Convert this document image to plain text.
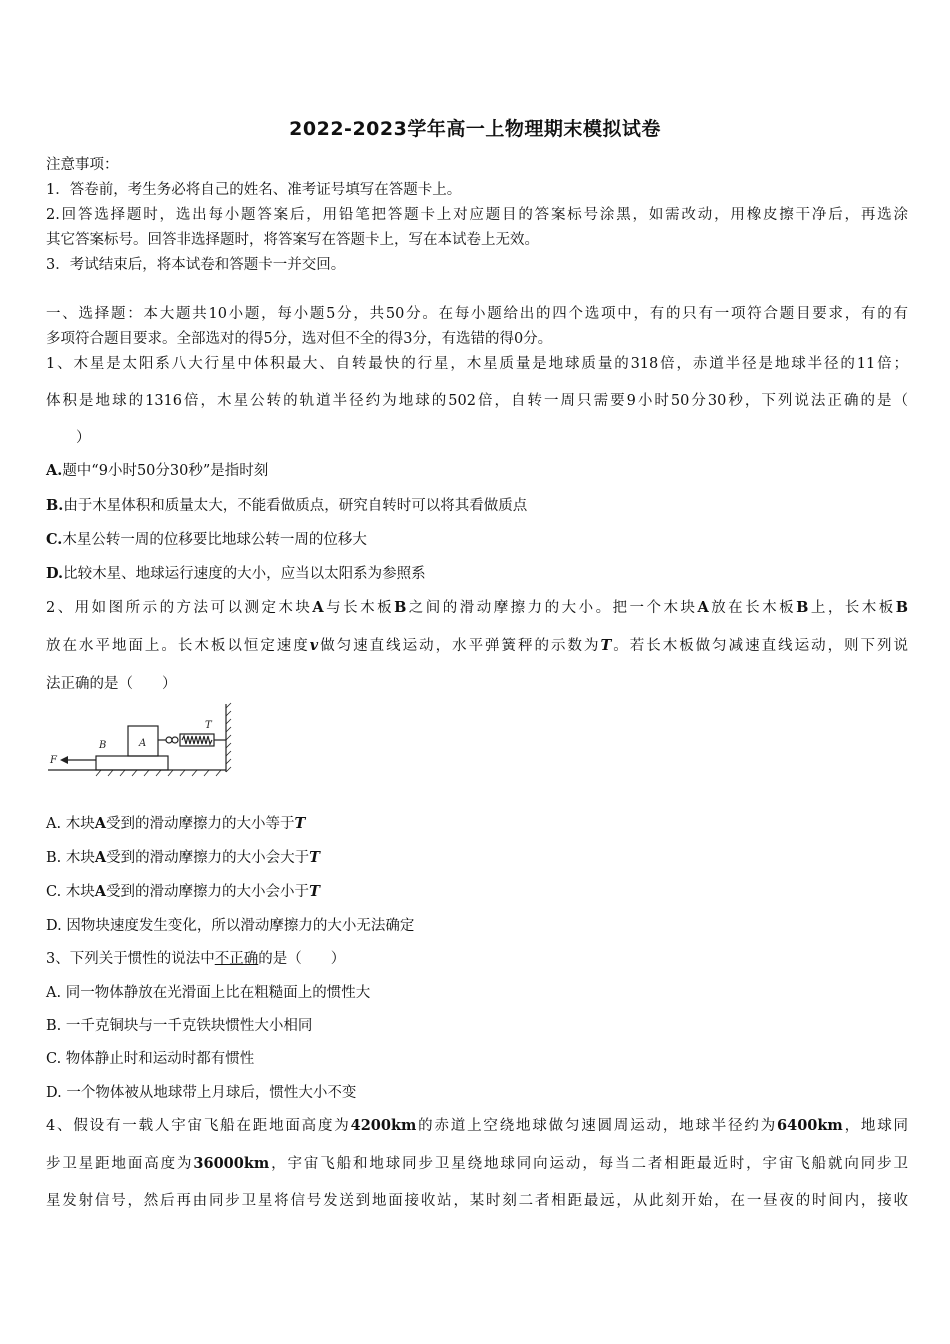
2022-2023学年高一上物理期末模拟试卷
注意事项：
1．答卷前，考生务必将自己的姓名、准考证号填写在答题卡上。
2.回答选择题时，选出每小题答案后，用铅笔把答题卡上对应题目的答案标号涂黑，如需改动，用橡皮擦干净后，再选涂
其它答案标号。回答非选择题时，将答案写在答题卡上，写在本试卷上无效。
3．考试结束后，将本试卷和答题卡一并交回。
一、选择题：本大题共10小题，每小题5分，共50分。在每小题给出的四个选项中，有的只有一项符合题目要求，有的有
多项符合题目要求。全部选对的得5分，选对但不全的得3分，有选错的得0分。
1、木星是太阳系八大行星中体积最大、自转最快的行星，木星质量是地球质量的318倍，赤道半径是地球半径的11倍；
体积是地球的1316倍，木星公转的轨道半径约为地球的502倍，自转一周只需要9小时50分30秒，下列说法正确的是（
）
A.题中“9小时50分30秒”是指时刻
B.由于木星体积和质量太大，不能看做质点，研究自转时可以将其看做质点
C.木星公转一周的位移要比地球公转一周的位移大
D.比较木星、地球运行速度的大小，应当以太阳系为参照系
2、用如图所示的方法可以测定木块A与长木板B之间的滑动摩擦力的大小。把一个木块A放在长木板B上，长木板B
放在水平地面上。长木板以恒定速度v做匀速直线运动，水平弹簧秤的示数为T。若长木板做匀减速直线运动，则下列说
法正确的是（　　）
T
A
B
F
A. 木块A受到的滑动摩擦力的大小等于T
B. 木块A受到的滑动摩擦力的大小会大于T
C. 木块A受到的滑动摩擦力的大小会小于T
D. 因物块速度发生变化，所以滑动摩擦力的大小无法确定
3、下列关于惯性的说法中不正确的是（　　）
A. 同一物体静放在光滑面上比在粗糙面上的惯性大
B. 一千克铜块与一千克铁块惯性大小相同
C. 物体静止时和运动时都有惯性
D. 一个物体被从地球带上月球后，惯性大小不变
4、假设有一载人宇宙飞船在距地面高度为4200km的赤道上空绕地球做匀速圆周运动，地球半径约为6400km，地球同
步卫星距地面高度为36000km，宇宙飞船和地球同步卫星绕地球同向运动，每当二者相距最近时，宇宙飞船就向同步卫
星发射信号，然后再由同步卫星将信号发送到地面接收站，某时刻二者相距最远，从此刻开始，在一昼夜的时间内，接收
